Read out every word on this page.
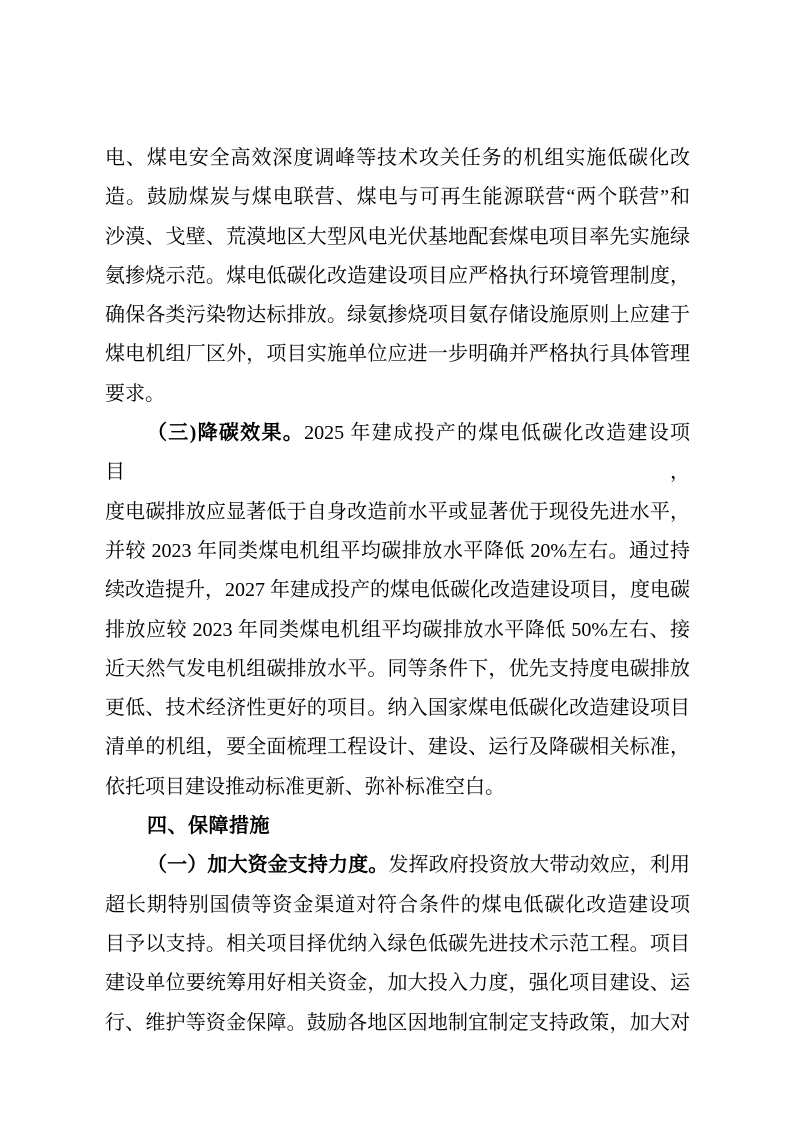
电、煤电安全高效深度调峰等技术攻关任务的机组实施低碳化改
造。鼓励煤炭与煤电联营、煤电与可再生能源联营“两个联营”和
沙漠、戈壁、荒漠地区大型风电光伏基地配套煤电项目率先实施绿
氨掺烧示范。煤电低碳化改造建设项目应严格执行环境管理制度，
确保各类污染物达标排放。绿氨掺烧项目氨存储设施原则上应建于
煤电机组厂区外，项目实施单位应进一步明确并严格执行具体管理
要求。
（三)降碳效果。2025 年建成投产的煤电低碳化改造建设项目，
度电碳排放应显著低于自身改造前水平或显著优于现役先进水平，
并较 2023 年同类煤电机组平均碳排放水平降低 20%左右。通过持
续改造提升，2027 年建成投产的煤电低碳化改造建设项目，度电碳
排放应较 2023 年同类煤电机组平均碳排放水平降低 50%左右、接
近天然气发电机组碳排放水平。同等条件下，优先支持度电碳排放
更低、技术经济性更好的项目。纳入国家煤电低碳化改造建设项目
清单的机组，要全面梳理工程设计、建设、运行及降碳相关标准，
依托项目建设推动标准更新、弥补标准空白。
四、保障措施
（一）加大资金支持力度。发挥政府投资放大带动效应，利用
超长期特别国债等资金渠道对符合条件的煤电低碳化改造建设项
目予以支持。相关项目择优纳入绿色低碳先进技术示范工程。项目
建设单位要统筹用好相关资金，加大投入力度，强化项目建设、运
行、维护等资金保障。鼓励各地区因地制宜制定支持政策，加大对
